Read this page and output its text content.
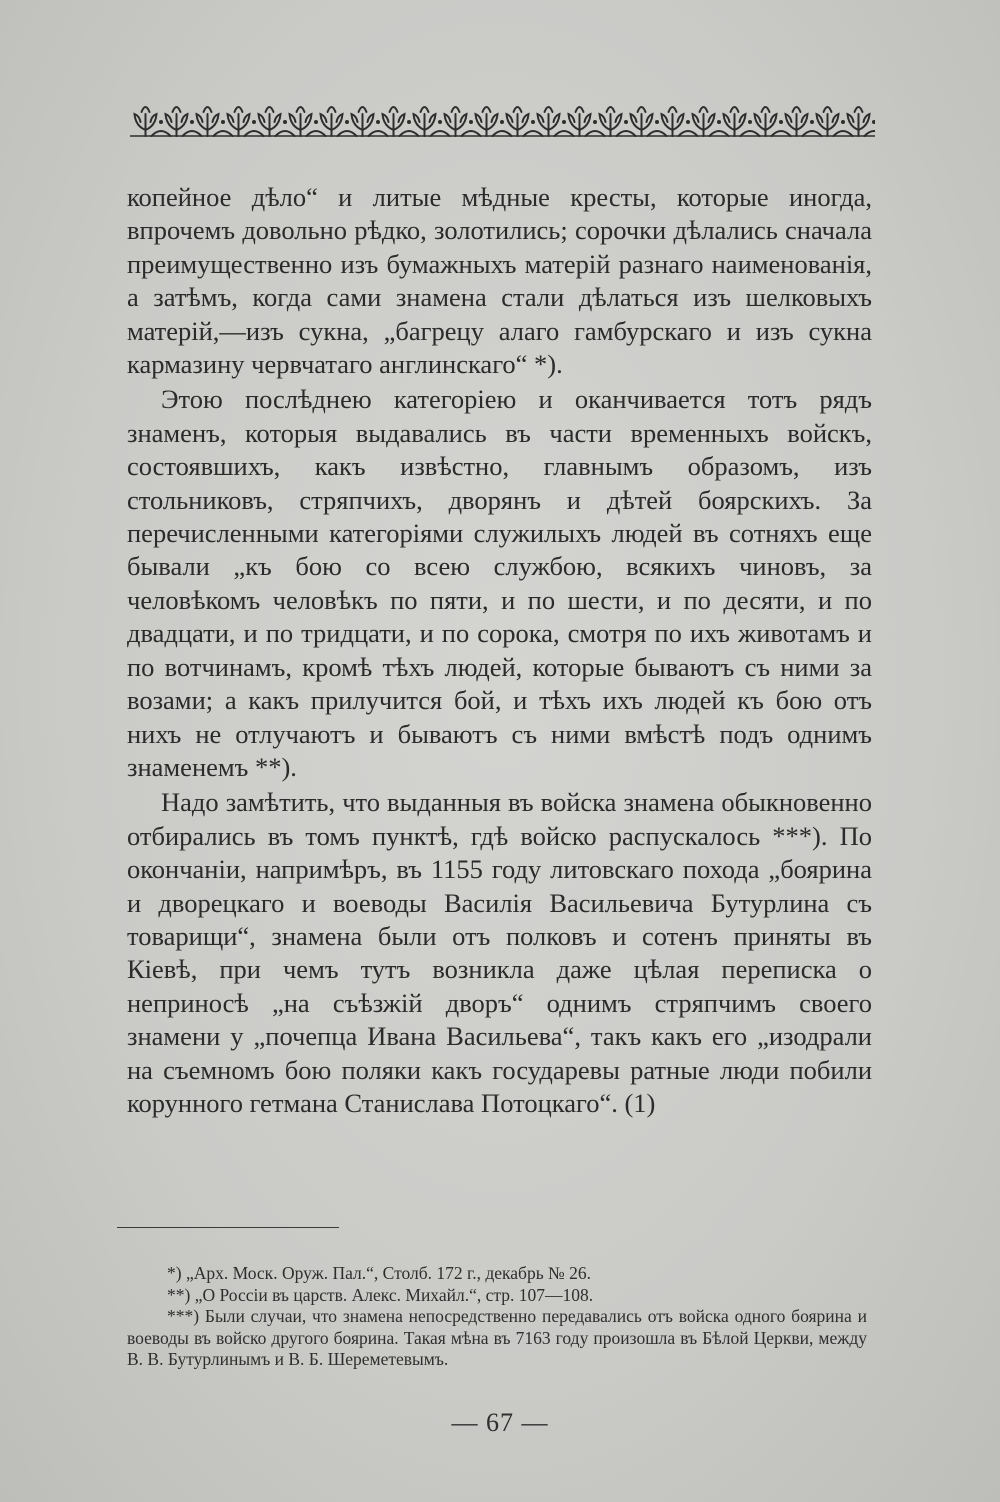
копейное дѣло“ и литые мѣдные кресты, которые иногда, впрочемъ довольно рѣдко, золотились; сорочки дѣлались сначала преимущественно изъ бумажныхъ матерій разнаго наименованія, а затѣмъ, когда сами знамена стали дѣлаться изъ шелковыхъ матерій,—изъ сукна, „багрецу алаго гамбурскаго и изъ сукна кармазину червчатаго англинскаго“ *).

Этою послѣднею категоріею и оканчивается тотъ рядъ знаменъ, которыя выдавались въ части временныхъ войскъ, состоявшихъ, какъ извѣстно, главнымъ образомъ, изъ стольниковъ, стряпчихъ, дворянъ и дѣтей боярскихъ. За перечисленными категоріями служилыхъ людей въ сотняхъ еще бывали „къ бою со всею службою, всякихъ чиновъ, за человѣкомъ человѣкъ по пяти, и по шести, и по десяти, и по двадцати, и по тридцати, и по сорока, смотря по ихъ животамъ и по вотчинамъ, кромѣ тѣхъ людей, которые бываютъ съ ними за возами; а какъ прилучится бой, и тѣхъ ихъ людей къ бою отъ нихъ не отлучаютъ и бываютъ съ ними вмѣстѣ подъ однимъ знаменемъ **).

Надо замѣтить, что выданныя въ войска знамена обыкновенно отбирались въ томъ пунктѣ, гдѣ войско распускалось ***). По окончаніи, напримѣръ, въ 1155 году литовскаго похода „боярина и дворецкаго и воеводы Василія Васильевича Бутурлина съ товарищи“, знамена были отъ полковъ и сотенъ приняты въ Кіевѣ, при чемъ тутъ возникла даже цѣлая переписка о неприносѣ „на съѣзжій дворъ“ однимъ стряпчимъ своего знамени у „почепца Ивана Васильева“, такъ какъ его „изодрали на съемномъ бою поляки какъ государевы ратные люди побили корунного гетмана Станислава Потоцкаго“. (1)

*) „Арх. Моск. Оруж. Пал.“, Столб. 172 г., декабрь № 26.

**) „О Россіи въ царств. Алекс. Михайл.“, стр. 107—108.

***) Были случаи, что знамена непосредственно передавались отъ войска одного боярина и воеводы въ войско другого боярина. Такая мѣна въ 7163 году произошла въ Бѣлой Церкви, между В. В. Бутурлинымъ и В. Б. Шереметевымъ.

— 67 —
